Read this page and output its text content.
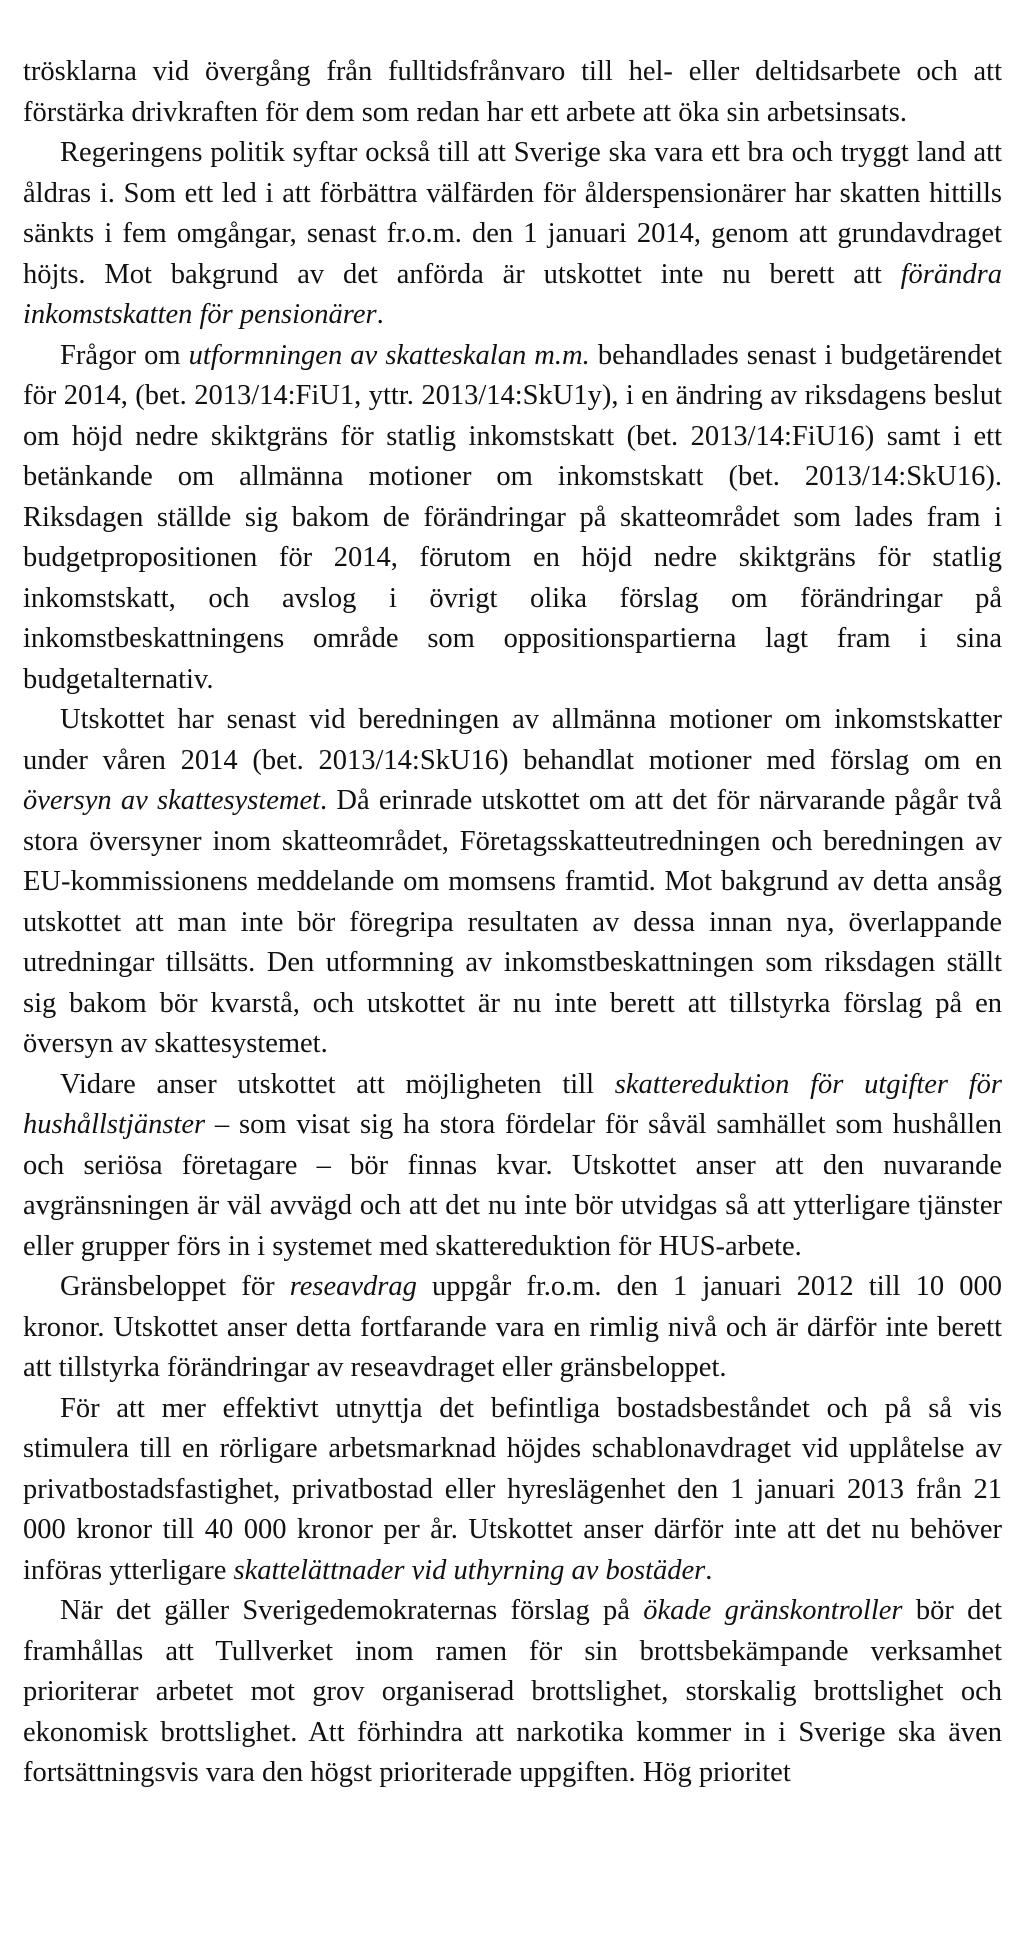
trösklarna vid övergång från fulltidsfrånvaro till hel- eller deltidsarbete och att förstärka drivkraften för dem som redan har ett arbete att öka sin arbetsinsats.

Regeringens politik syftar också till att Sverige ska vara ett bra och tryggt land att åldras i. Som ett led i att förbättra välfärden för ålderspensionärer har skatten hittills sänkts i fem omgångar, senast fr.o.m. den 1 januari 2014, genom att grundavdraget höjts. Mot bakgrund av det anförda är utskottet inte nu berett att förändra inkomstskatten för pensionärer.

Frågor om utformningen av skatteskalan m.m. behandlades senast i budgetärendet för 2014, (bet. 2013/14:FiU1, yttr. 2013/14:SkU1y), i en ändring av riksdagens beslut om höjd nedre skiktgräns för statlig inkomstskatt (bet. 2013/14:FiU16) samt i ett betänkande om allmänna motioner om inkomstskatt (bet. 2013/14:SkU16). Riksdagen ställde sig bakom de förändringar på skatteområdet som lades fram i budgetpropositionen för 2014, förutom en höjd nedre skiktgräns för statlig inkomstskatt, och avslog i övrigt olika förslag om förändringar på inkomstbeskattningens område som oppositionspartierna lagt fram i sina budgetalternativ.

Utskottet har senast vid beredningen av allmänna motioner om inkomstskatter under våren 2014 (bet. 2013/14:SkU16) behandlat motioner med förslag om en översyn av skattesystemet. Då erinrade utskottet om att det för närvarande pågår två stora översyner inom skatteområdet, Företagsskatteutredningen och beredningen av EU-kommissionens meddelande om momsens framtid. Mot bakgrund av detta ansåg utskottet att man inte bör föregripa resultaten av dessa innan nya, överlappande utredningar tillsätts. Den utformning av inkomstbeskattningen som riksdagen ställt sig bakom bör kvarstå, och utskottet är nu inte berett att tillstyrka förslag på en översyn av skattesystemet.

Vidare anser utskottet att möjligheten till skattereduktion för utgifter för hushållstjänster – som visat sig ha stora fördelar för såväl samhället som hushållen och seriösa företagare – bör finnas kvar. Utskottet anser att den nuvarande avgränsningen är väl avvägd och att det nu inte bör utvidgas så att ytterligare tjänster eller grupper förs in i systemet med skattereduktion för HUS-arbete.

Gränsbeloppet för reseavdrag uppgår fr.o.m. den 1 januari 2012 till 10 000 kronor. Utskottet anser detta fortfarande vara en rimlig nivå och är därför inte berett att tillstyrka förändringar av reseavdraget eller gränsbeloppet.

För att mer effektivt utnyttja det befintliga bostadsbeståndet och på så vis stimulera till en rörligare arbetsmarknad höjdes schablonavdraget vid upplåtelse av privatbostadsfastighet, privatbostad eller hyreslägenhet den 1 januari 2013 från 21 000 kronor till 40 000 kronor per år. Utskottet anser därför inte att det nu behöver införas ytterligare skattelättnader vid uthyrning av bostäder.

När det gäller Sverigedemokraternas förslag på ökade gränskontroller bör det framhållas att Tullverket inom ramen för sin brottsbekämpande verksamhet prioriterar arbetet mot grov organiserad brottslighet, storskalig brottslighet och ekonomisk brottslighet. Att förhindra att narkotika kommer in i Sverige ska även fortsättningsvis vara den högst prioriterade uppgiften. Hög prioritet
